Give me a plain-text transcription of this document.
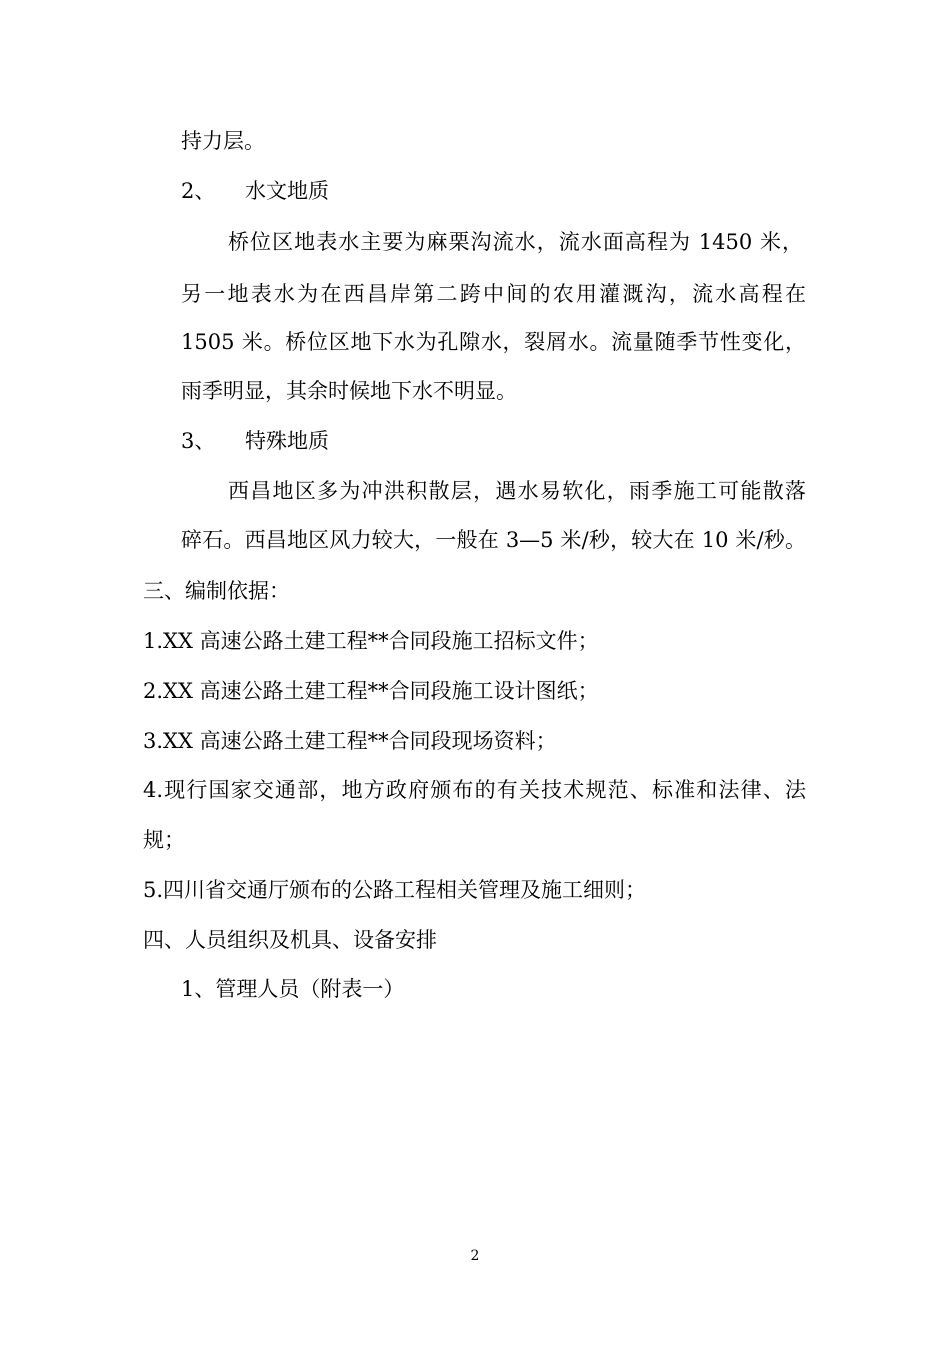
持力层。
2、 水文地质
桥位区地表水主要为麻栗沟流水，流水面高程为 1450 米，
另一地表水为在西昌岸第二跨中间的农用灌溉沟，流水高程在
1505 米。桥位区地下水为孔隙水，裂屑水。流量随季节性变化，
雨季明显，其余时候地下水不明显。
3、 特殊地质
西昌地区多为冲洪积散层，遇水易软化，雨季施工可能散落
碎石。西昌地区风力较大，一般在 3—5 米/秒，较大在 10 米/秒。
三、编制依据：
1.XX 高速公路土建工程**合同段施工招标文件；
2.XX 高速公路土建工程**合同段施工设计图纸；
3.XX 高速公路土建工程**合同段现场资料；
4.现行国家交通部，地方政府颁布的有关技术规范、标准和法律、法
规；
5.四川省交通厅颁布的公路工程相关管理及施工细则；
四、人员组织及机具、设备安排
1、管理人员（附表一）
2
